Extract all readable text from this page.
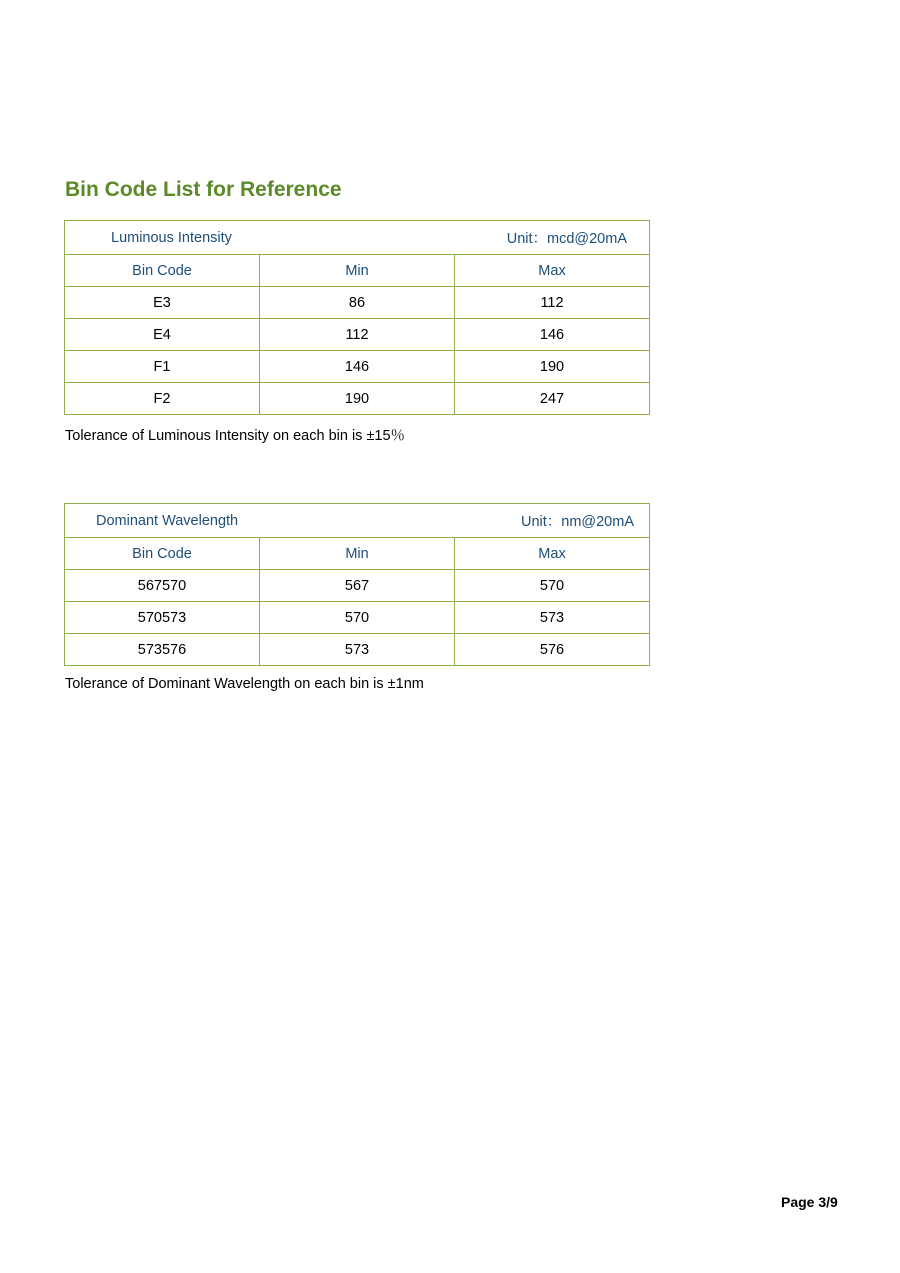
Bin Code List for Reference
Luminous Intensity Unit：mcd@20mA		

Bin Code	Min	Max
E3	86	112
E4	112	146
F1	146	190
F2	190	247

Tolerance of Luminous Intensity on each bin is ±15％

Dominant Wavelength Unit：nm@20mA		

Bin Code	Min	Max
567570	567	570
570573	570	573
573576	573	576

Tolerance of Dominant Wavelength on each bin is ±1nm

Page 3/9
